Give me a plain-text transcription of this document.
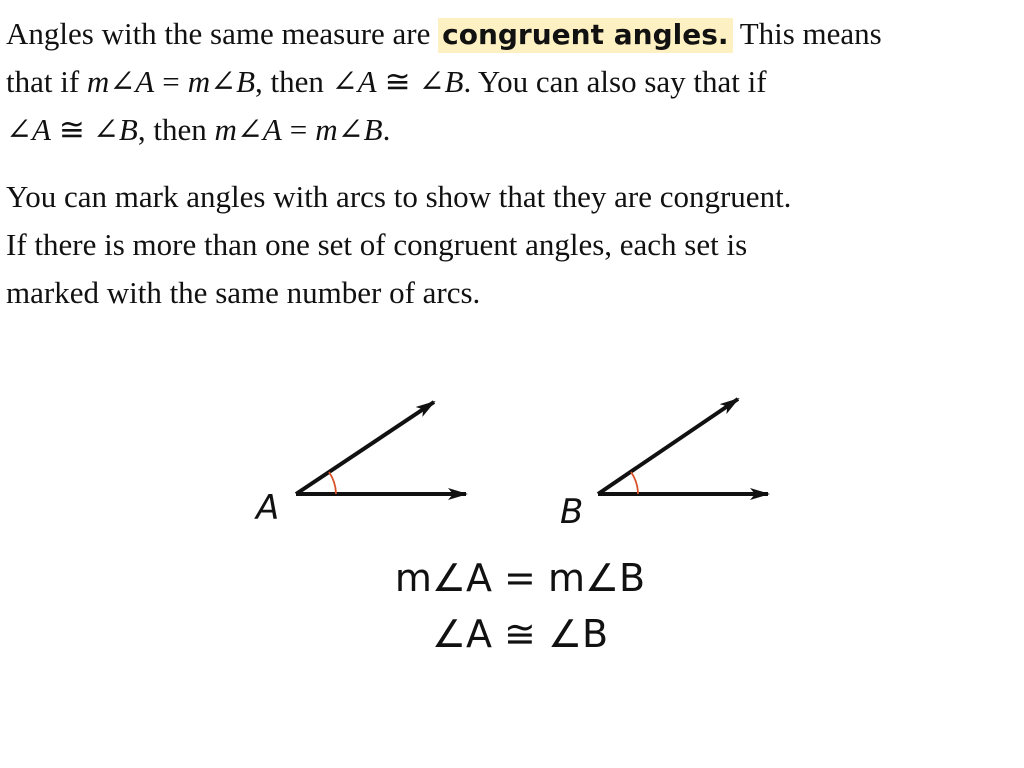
Angles with the same measure are congruent angles. This means
that if m∠A = m∠B, then ∠A ≅ ∠B. You can also say that if
∠A ≅ ∠B, then m∠A = m∠B.

You can mark angles with arcs to show that they are congruent.
If there is more than one set of congruent angles, each set is
marked with the same number of arcs.

A	B
m∠A = m∠B
∠A ≅ ∠B
